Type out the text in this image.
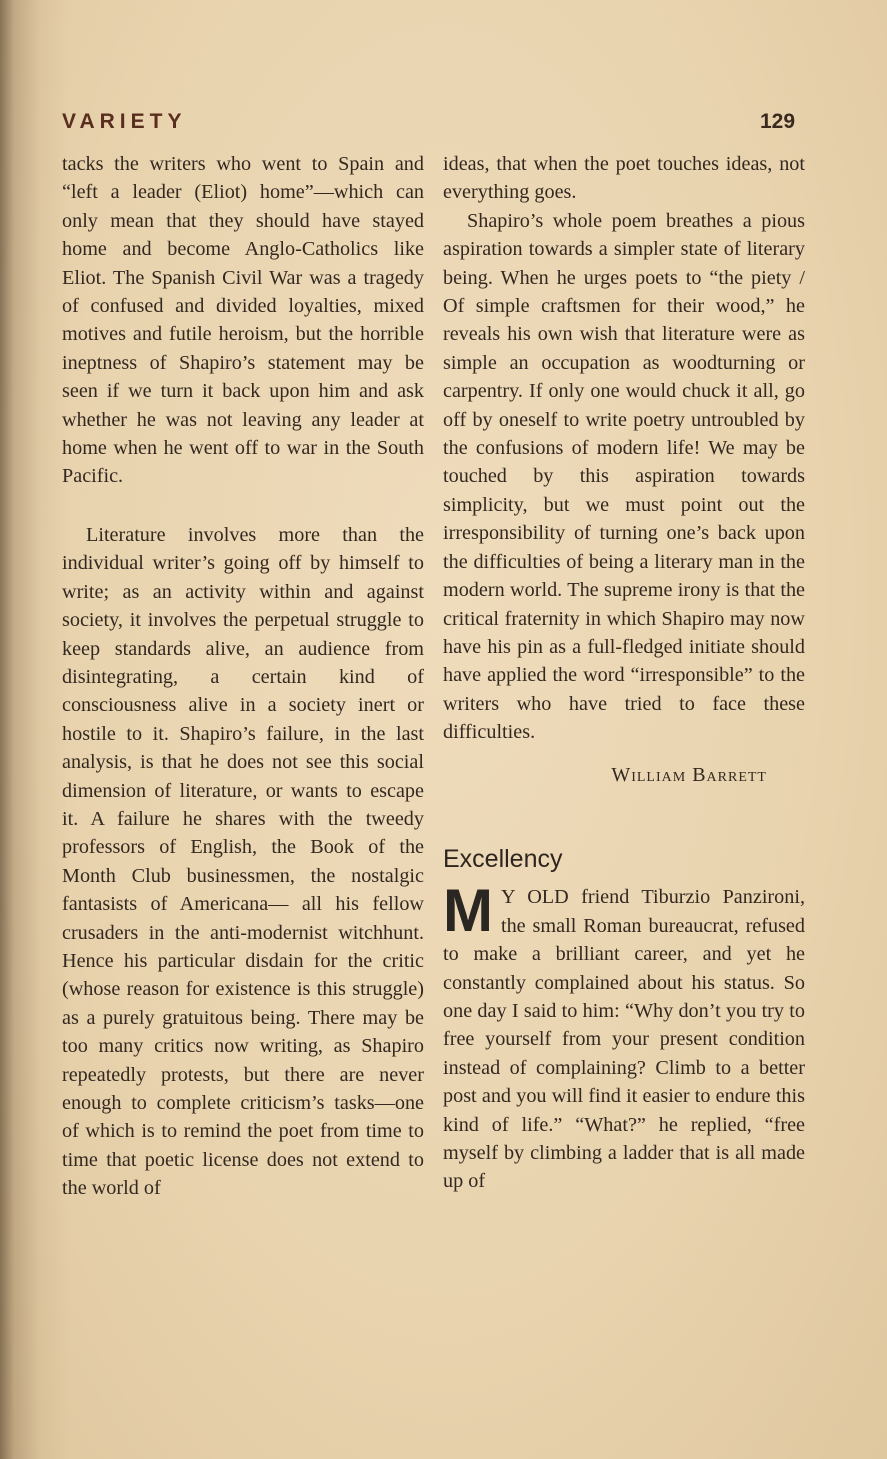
VARIETY	129

tacks the writers who went to Spain and “left a leader (Eliot) home”—which can only mean that they should have stayed home and become Anglo-Catholics like Eliot. The Spanish Civil War was a tragedy of confused and divided loyalties, mixed motives and futile heroism, but the horrible ineptness of Shapiro’s statement may be seen if we turn it back upon him and ask whether he was not leaving any leader at home when he went off to war in the South Pacific.

Literature involves more than the individual writer’s going off by himself to write; as an activity within and against society, it involves the perpetual struggle to keep standards alive, an audience from disintegrating, a certain kind of consciousness alive in a society inert or hostile to it. Shapiro’s failure, in the last analysis, is that he does not see this social dimension of literature, or wants to escape it. A failure he shares with the tweedy professors of English, the Book of the Month Club businessmen, the nostalgic fantasists of Americana— all his fellow crusaders in the anti-modernist witchhunt. Hence his particular disdain for the critic (whose reason for existence is this struggle) as a purely gratuitous being. There may be too many critics now writing, as Shapiro repeatedly protests, but there are never enough to complete criticism’s tasks—one of which is to remind the poet from time to time that poetic license does not extend to the world of

ideas, that when the poet touches ideas, not everything goes.

Shapiro’s whole poem breathes a pious aspiration towards a simpler state of literary being. When he urges poets to “the piety / Of simple craftsmen for their wood,” he reveals his own wish that literature were as simple an occupation as woodturning or carpentry. If only one would chuck it all, go off by oneself to write poetry untroubled by the confusions of modern life! We may be touched by this aspiration towards simplicity, but we must point out the irresponsibility of turning one’s back upon the difficulties of being a literary man in the modern world. The supreme irony is that the critical fraternity in which Shapiro may now have his pin as a full-fledged initiate should have applied the word “irresponsible” to the writers who have tried to face these difficulties.

William Barrett

Excellency

M Y OLD friend Tiburzio Panzironi, the small Roman bureaucrat, refused to make a brilliant career, and yet he constantly complained about his status. So one day I said to him: “Why don’t you try to free yourself from your present condition instead of complaining? Climb to a better post and you will find it easier to endure this kind of life.” “What?” he replied, “free myself by climbing a ladder that is all made up of
